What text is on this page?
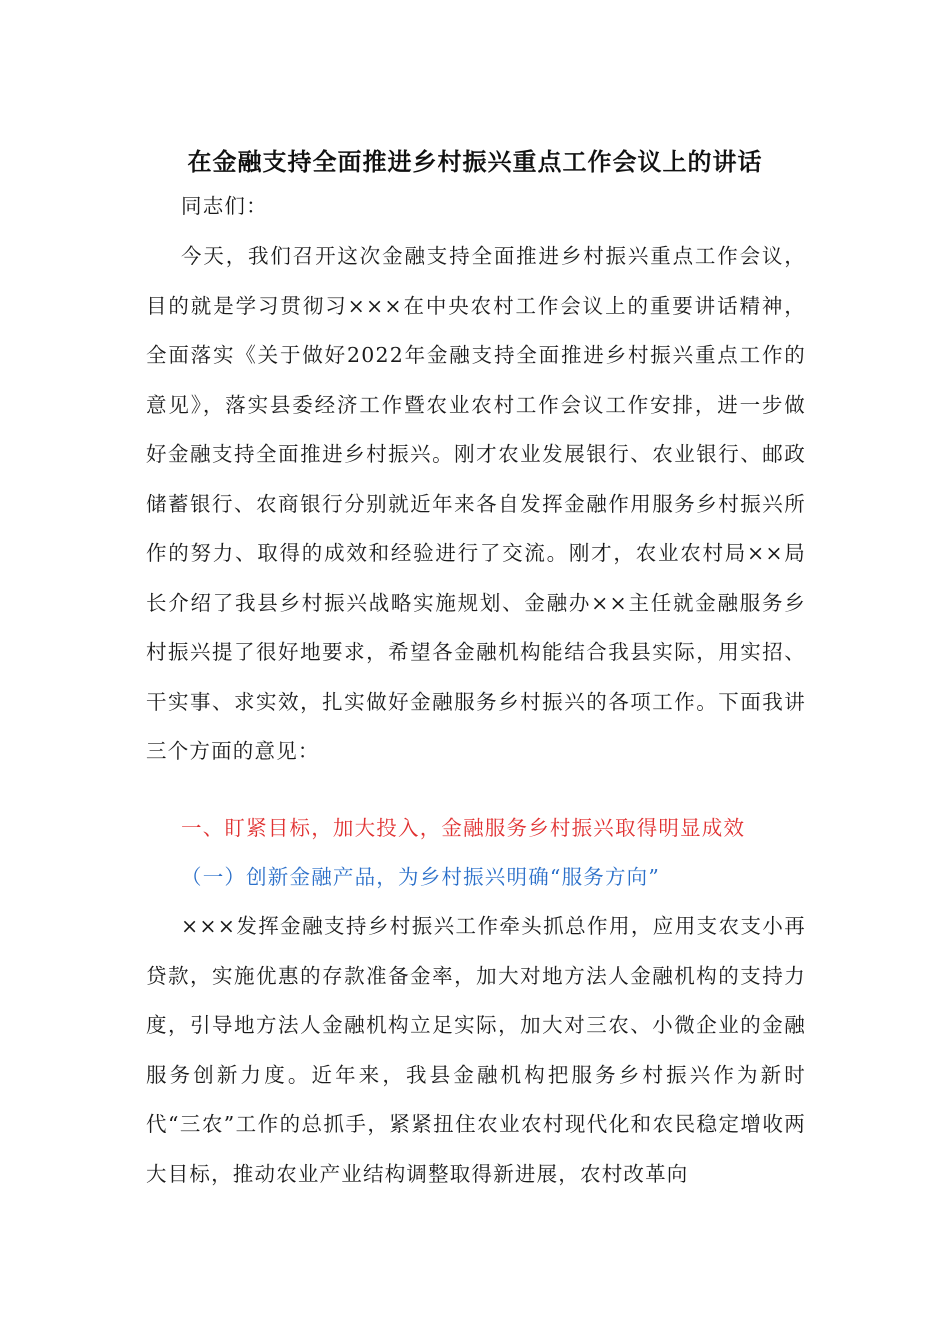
在金融支持全面推进乡村振兴重点工作会议上的讲话
同志们：

今天，我们召开这次金融支持全面推进乡村振兴重点工作会议，目的就是学习贯彻习×××在中央农村工作会议上的重要讲话精神，全面落实《关于做好2022年金融支持全面推进乡村振兴重点工作的意见》，落实县委经济工作暨农业农村工作会议工作安排，进一步做好金融支持全面推进乡村振兴。刚才农业发展银行、农业银行、邮政储蓄银行、农商银行分别就近年来各自发挥金融作用服务乡村振兴所作的努力、取得的成效和经验进行了交流。刚才，农业农村局××局长介绍了我县乡村振兴战略实施规划、金融办××主任就金融服务乡村振兴提了很好地要求，希望各金融机构能结合我县实际，用实招、干实事、求实效，扎实做好金融服务乡村振兴的各项工作。下面我讲三个方面的意见：

一、盯紧目标，加大投入，金融服务乡村振兴取得明显成效
（一）创新金融产品，为乡村振兴明确“服务方向”

×××发挥金融支持乡村振兴工作牵头抓总作用，应用支农支小再贷款，实施优惠的存款准备金率，加大对地方法人金融机构的支持力度，引导地方法人金融机构立足实际，加大对三农、小微企业的金融服务创新力度。近年来，我县金融机构把服务乡村振兴作为新时代“三农”工作的总抓手，紧紧扭住农业农村现代化和农民稳定增收两大目标，推动农业产业结构调整取得新进展，农村改革向
